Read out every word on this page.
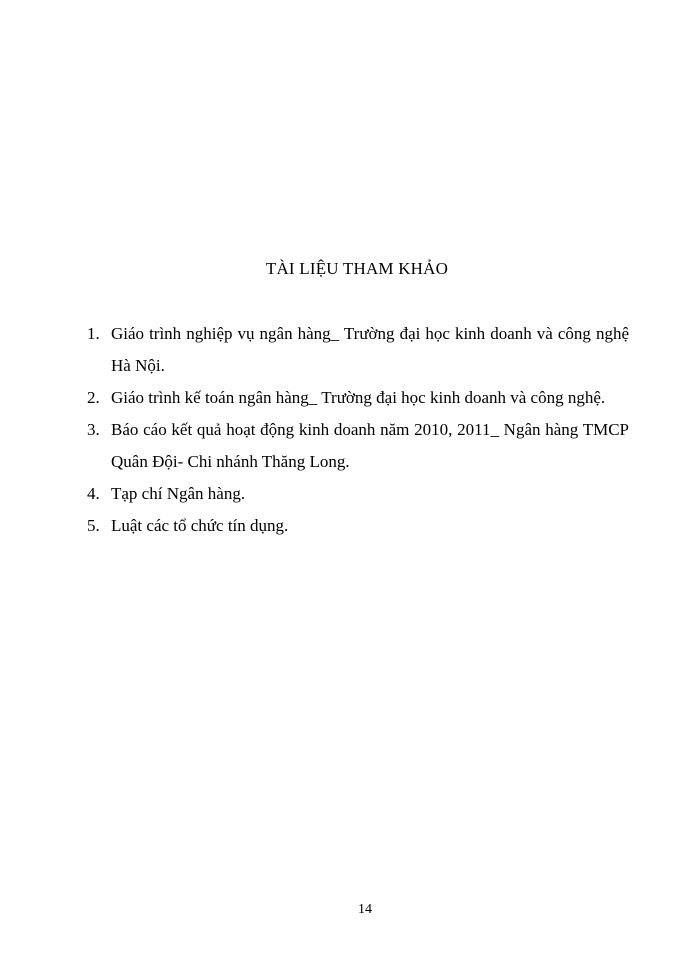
TÀI LIỆU THAM KHẢO
1. Giáo trình nghiệp vụ ngân hàng_ Trường đại học kinh doanh và công nghệ Hà Nội.
2. Giáo trình kế toán ngân hàng_ Trường đại học kinh doanh và công nghệ.
3. Báo cáo kết quả hoạt động kinh doanh năm 2010, 2011_ Ngân hàng TMCP Quân Đội- Chi nhánh Thăng Long.
4. Tạp chí Ngân hàng.
5. Luật các tổ chức tín dụng.
14
